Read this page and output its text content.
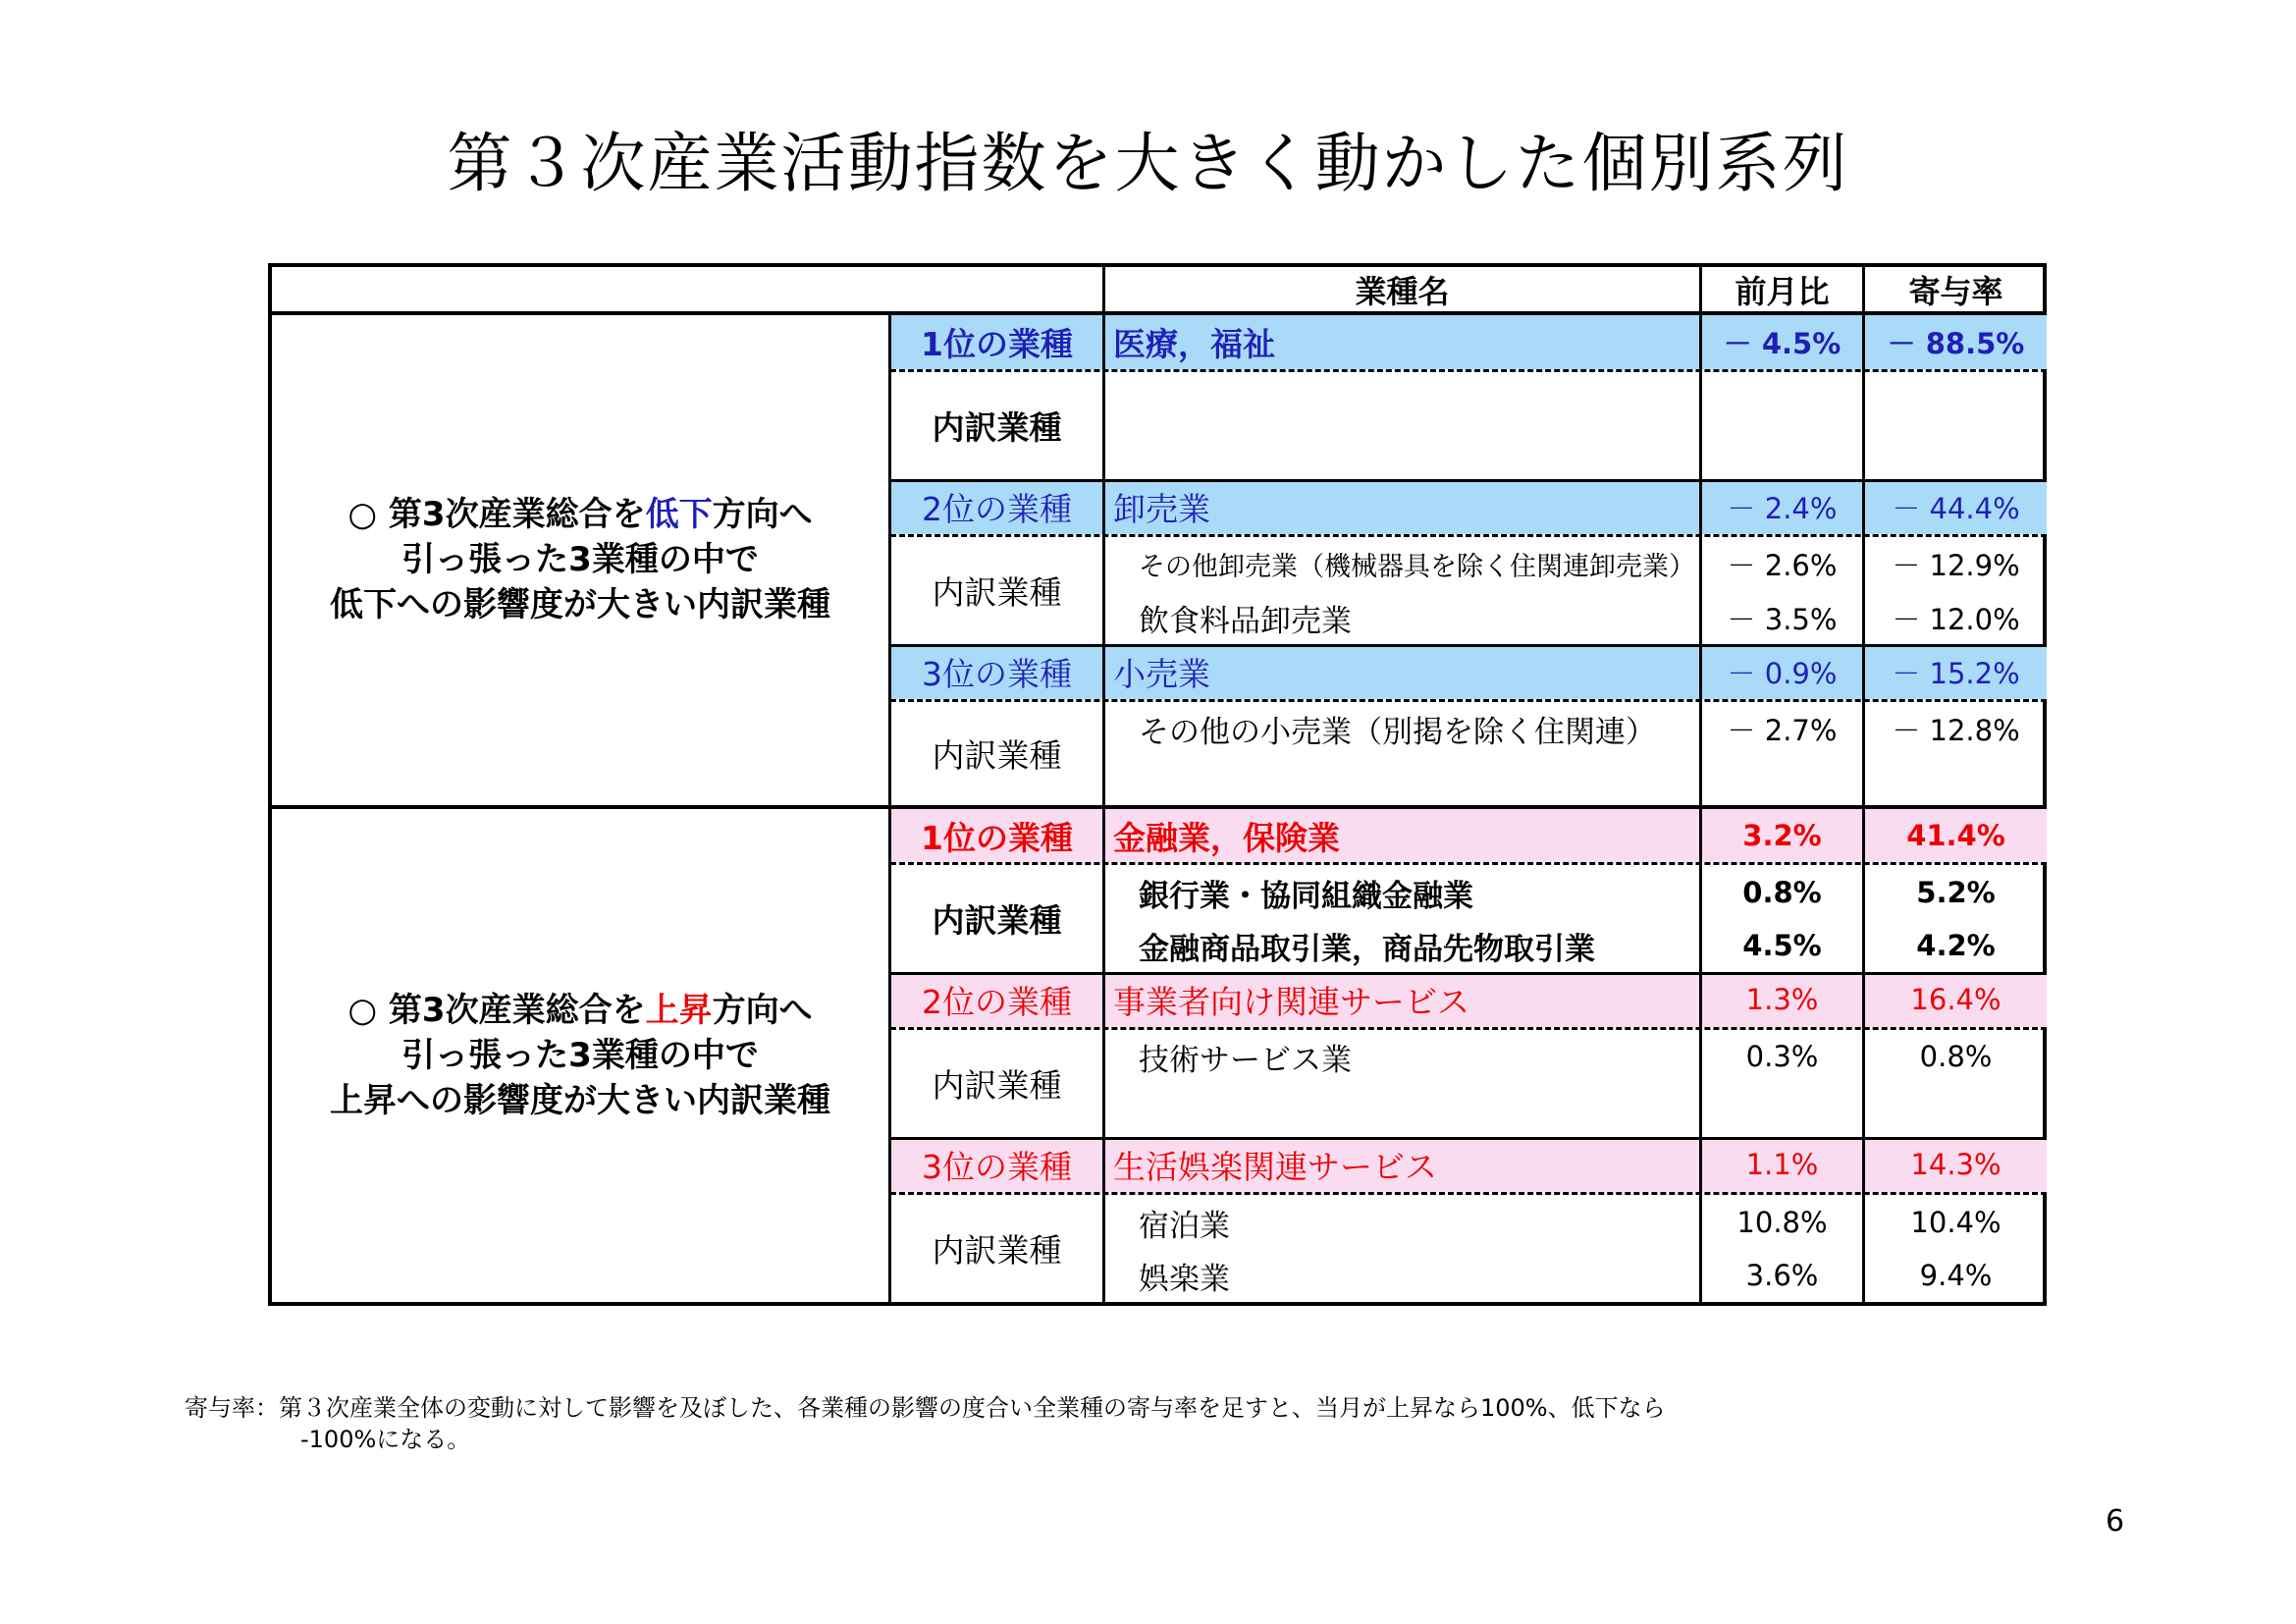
第３次産業活動指数を大きく動かした個別系列
業種名	前月比	寄与率
○ 第3次産業総合を低下方向へ
引っ張った3業種の中で
低下への影響度が大きい内訳業種
1位の業種	医療，福祉	－ 4.5%	－ 88.5%
内訳業種
2位の業種	卸売業	－ 2.4%	－ 44.4%
内訳業種
その他卸売業（機械器具を除く住関連卸売業）	－ 2.6%	－ 12.9%
飲食料品卸売業	－ 3.5%	－ 12.0%
3位の業種	小売業	－ 0.9%	－ 15.2%
内訳業種
その他の小売業（別掲を除く住関連）	－ 2.7%	－ 12.8%
○ 第3次産業総合を上昇方向へ
引っ張った3業種の中で
上昇への影響度が大きい内訳業種
1位の業種	金融業，保険業	3.2%	41.4%
内訳業種
銀行業・協同組織金融業	0.8%	5.2%
金融商品取引業，商品先物取引業	4.5%	4.2%
2位の業種	事業者向け関連サービス	1.3%	16.4%
内訳業種
技術サービス業	0.3%	0.8%
3位の業種	生活娯楽関連サービス	1.1%	14.3%
内訳業種
宿泊業	10.8%	10.4%
娯楽業	3.6%	9.4%
寄与率：第３次産業全体の変動に対して影響を及ぼした、各業種の影響の度合い全業種の寄与率を足すと、当月が上昇なら100%、低下なら
-100%になる。
6
